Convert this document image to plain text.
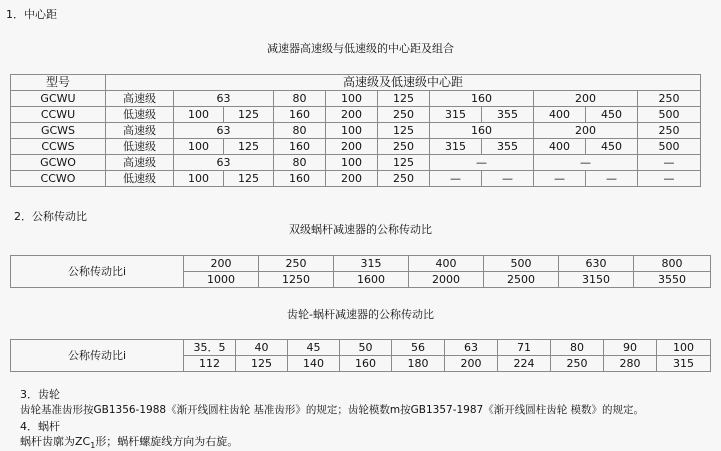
1．中心距
减速器高速级与低速级的中心距及组合
型号	高速级及低速级中心距										
GCWU	高速级	63		80	100	125	160		200		250
CCWU	低速级	100	125	160	200	250	315	355	400	450	500
GCWS	高速级	63		80	100	125	160		200		250
CCWS	低速级	100	125	160	200	250	315	355	400	450	500
GCWO	高速级	63		80	100	125	—		—		—
CCWO	低速级	100	125	160	200	250	—	—	—	—	—
2．公称传动比
双级蜗杆减速器的公称传动比
公称传动比i	200	250	315	400	500	630	800
	1000	1250	1600	2000	2500	3150	3550
齿轮-蜗杆减速器的公称传动比
公称传动比i	35．5	40	45	50	56	63	71	80	90	100
	112	125	140	160	180	200	224	250	280	315
3．齿轮
齿轮基准齿形按GB1356-1988《渐开线圆柱齿轮 基准齿形》的规定；齿轮模数m按GB1357-1987《渐开线圆柱齿轮 模数》的规定。
4．蜗杆
蜗杆齿廓为$ZC_1$形；蜗杆螺旋线方向为右旋。
